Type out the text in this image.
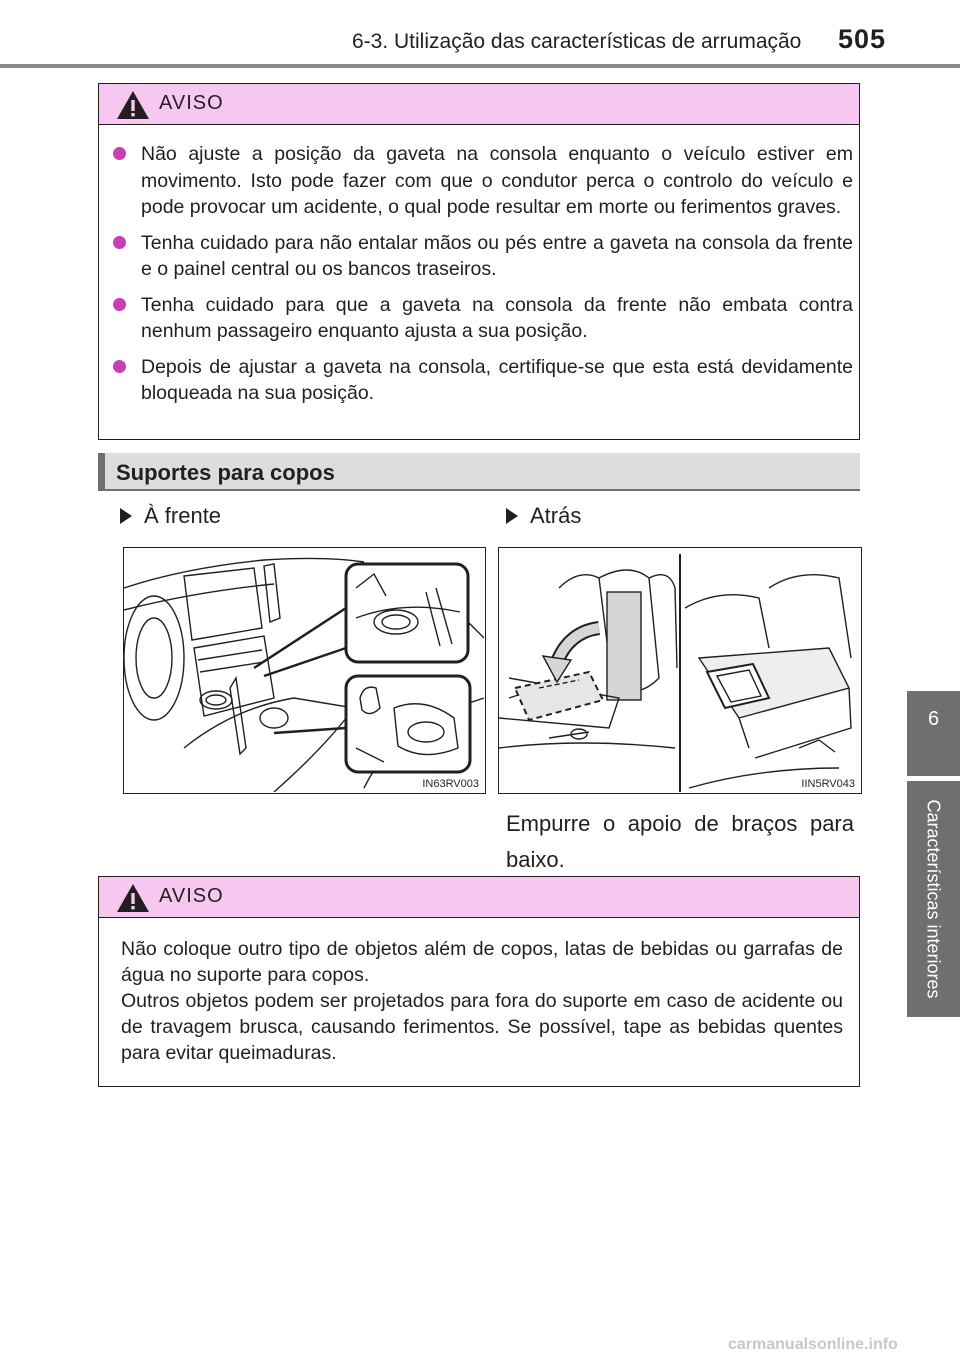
6-3. Utilização das características de arrumação 505
6
Características interiores
AVISO
Não ajuste a posição da gaveta na consola enquanto o veículo estiver em movimento. Isto pode fazer com que o condutor perca o controlo do veículo e pode provocar um acidente, o qual pode resultar em morte ou ferimentos graves.
Tenha cuidado para não entalar mãos ou pés entre a gaveta na consola da frente e o painel central ou os bancos traseiros.
Tenha cuidado para que a gaveta na consola da frente não embata contra nenhum passageiro enquanto ajusta a sua posição.
Depois de ajustar a gaveta na consola, certifique-se que esta está devidamente bloqueada na sua posição.
Suportes para copos
À frente	Atrás
IN63RV003	IIN5RV043
Empurre o apoio de braços para baixo.
AVISO
Não coloque outro tipo de objetos além de copos, latas de bebidas ou garrafas de água no suporte para copos.
Outros objetos podem ser projetados para fora do suporte em caso de acidente ou de travagem brusca, causando ferimentos. Se possível, tape as bebidas quentes para evitar queimaduras.
carmanualsonline.info
